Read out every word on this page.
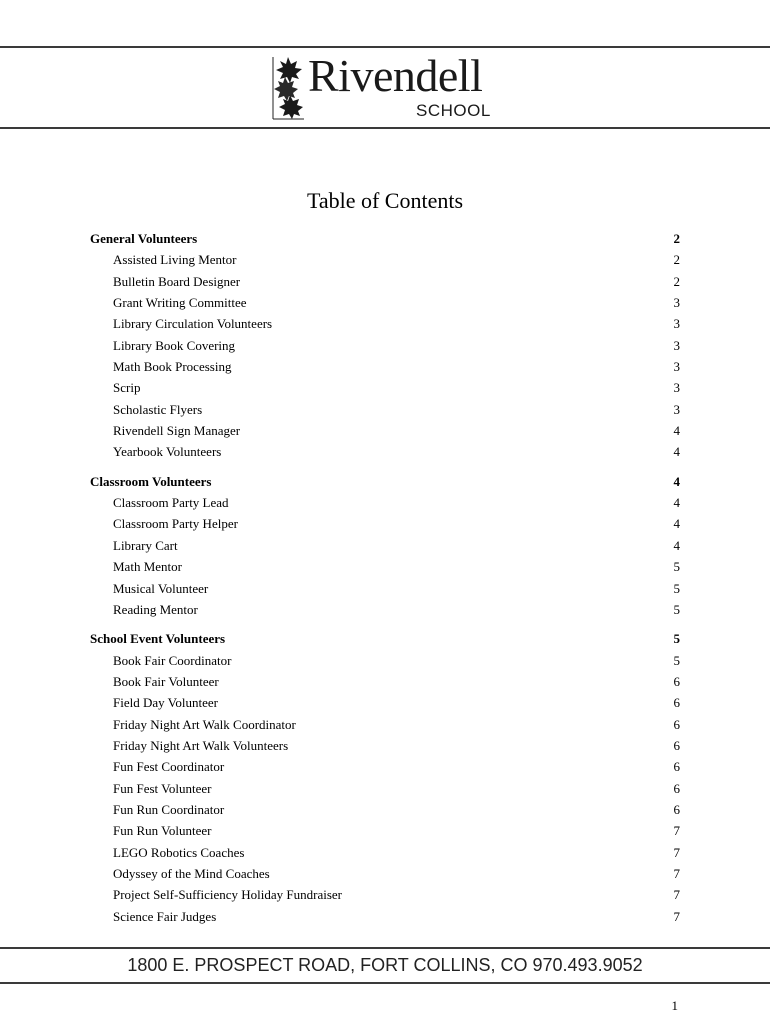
Rivendell
SCHOOL
Table of Contents
General Volunteers	2
Assisted Living Mentor	2
Bulletin Board Designer	2
Grant Writing Committee	3
Library Circulation Volunteers	3
Library Book Covering	3
Math Book Processing	3
Scrip	3
Scholastic Flyers	3
Rivendell Sign Manager	4
Yearbook Volunteers	4
Classroom Volunteers	4
Classroom Party Lead	4
Classroom Party Helper	4
Library Cart	4
Math Mentor	5
Musical Volunteer	5
Reading Mentor	5
School Event Volunteers	5
Book Fair Coordinator	5
Book Fair Volunteer	6
Field Day Volunteer	6
Friday Night Art Walk Coordinator	6
Friday Night Art Walk Volunteers	6
Fun Fest Coordinator	6
Fun Fest Volunteer	6
Fun Run Coordinator	6
Fun Run Volunteer	7
LEGO Robotics Coaches	7
Odyssey of the Mind Coaches	7
Project Self-Sufficiency Holiday Fundraiser	7
Science Fair Judges	7
1800 E. PROSPECT ROAD, FORT COLLINS, CO 970.493.9052
1
